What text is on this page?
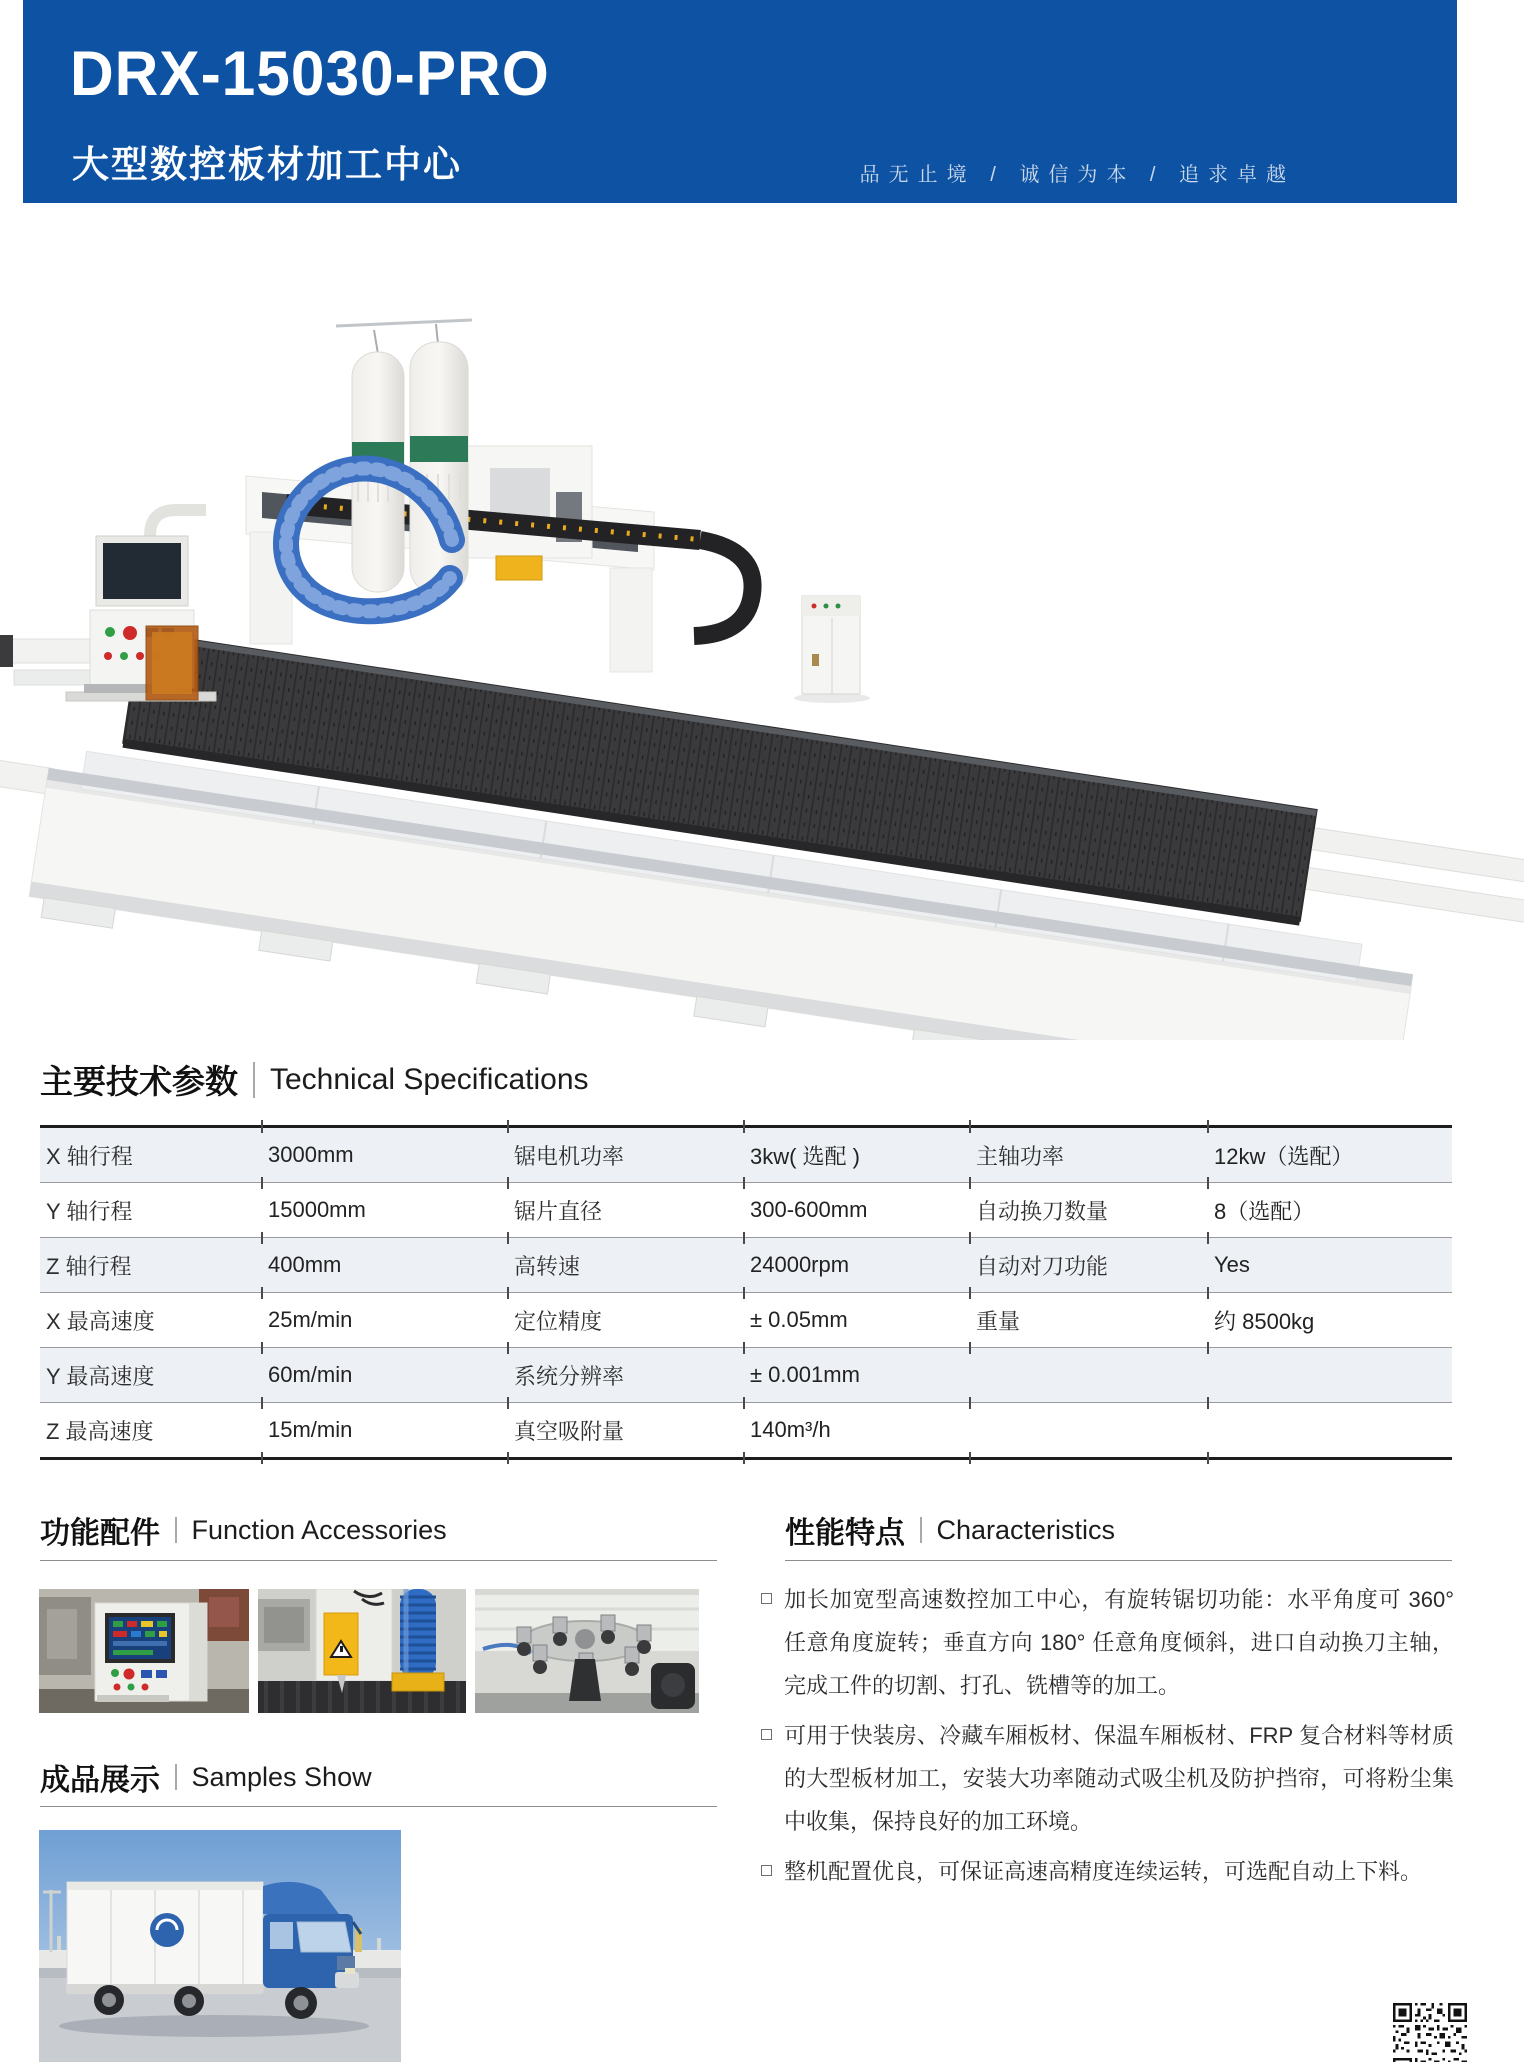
DRX-15030-PRO
大型数控板材加工中心	品无止境 / 诚信为本 / 追求卓越
主要技术参数 Technical Specifications
X 轴行程	3000mm	锯电机功率	3kw( 选配 )	主轴功率	12kw（选配）
Y 轴行程	15000mm	锯片直径	300-600mm	自动换刀数量	8（选配）
Z 轴行程	400mm	高转速	24000rpm	自动对刀功能	Yes
X 最高速度	25m/min	定位精度	± 0.05mm	重量	约 8500kg
Y 最高速度	60m/min	系统分辨率	± 0.001mm
Z 最高速度	15m/min	真空吸附量	140m³/h
功能配件 Function Accessories	性能特点 Characteristics
加长加宽型高速数控加工中心，有旋转锯切功能：水平角度可 360° 任意角度旋转；垂直方向 180° 任意角度倾斜，进口自动换刀主轴，完成工件的切割、打孔、铣槽等的加工。
可用于快装房、冷藏车厢板材、保温车厢板材、FRP 复合材料等材质的大型板材加工，安装大功率随动式吸尘机及防护挡帘，可将粉尘集中收集，保持良好的加工环境。
整机配置优良，可保证高速高精度连续运转，可选配自动上下料。
成品展示 Samples Show
